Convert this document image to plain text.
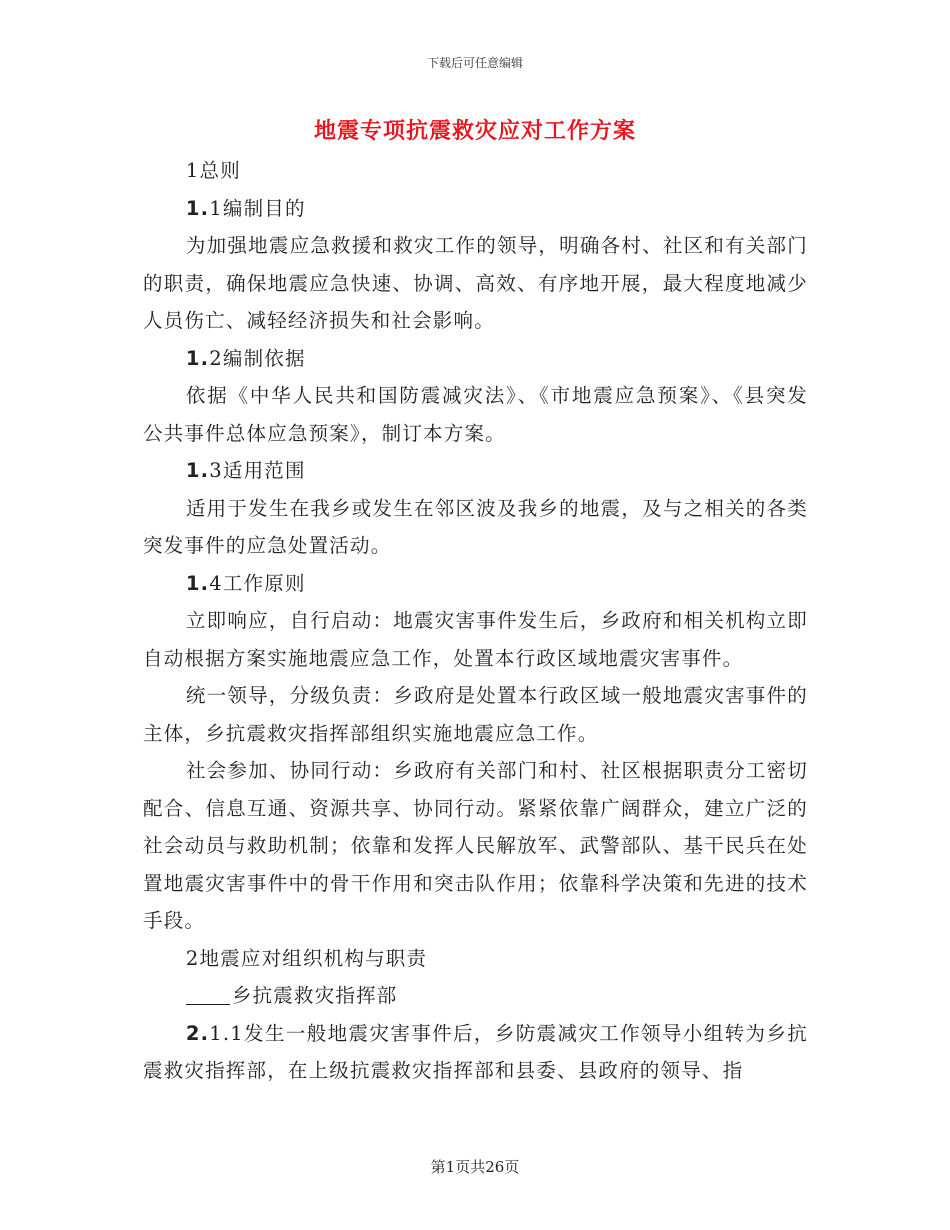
下载后可任意编辑
地震专项抗震救灾应对工作方案

1总则

1.1编制目的

为加强地震应急救援和救灾工作的领导，明确各村、社区和有关部门的职责，确保地震应急快速、协调、高效、有序地开展，最大程度地减少人员伤亡、减轻经济损失和社会影响。

1.2编制依据

依据《中华人民共和国防震减灾法》、《市地震应急预案》、《县突发公共事件总体应急预案》，制订本方案。

1.3适用范围

适用于发生在我乡或发生在邻区波及我乡的地震，及与之相关的各类突发事件的应急处置活动。

1.4工作原则

立即响应，自行启动：地震灾害事件发生后，乡政府和相关机构立即自动根据方案实施地震应急工作，处置本行政区域地震灾害事件。

统一领导，分级负责：乡政府是处置本行政区域一般地震灾害事件的主体，乡抗震救灾指挥部组织实施地震应急工作。

社会参加、协同行动：乡政府有关部门和村、社区根据职责分工密切配合、信息互通、资源共享、协同行动。紧紧依靠广阔群众，建立广泛的社会动员与救助机制；依靠和发挥人民解放军、武警部队、基干民兵在处置地震灾害事件中的骨干作用和突击队作用；依靠科学决策和先进的技术手段。

2地震应对组织机构与职责

乡抗震救灾指挥部

2.1.1发生一般地震灾害事件后，乡防震减灾工作领导小组转为乡抗震救灾指挥部，在上级抗震救灾指挥部和县委、县政府的领导、指

第1页共26页
